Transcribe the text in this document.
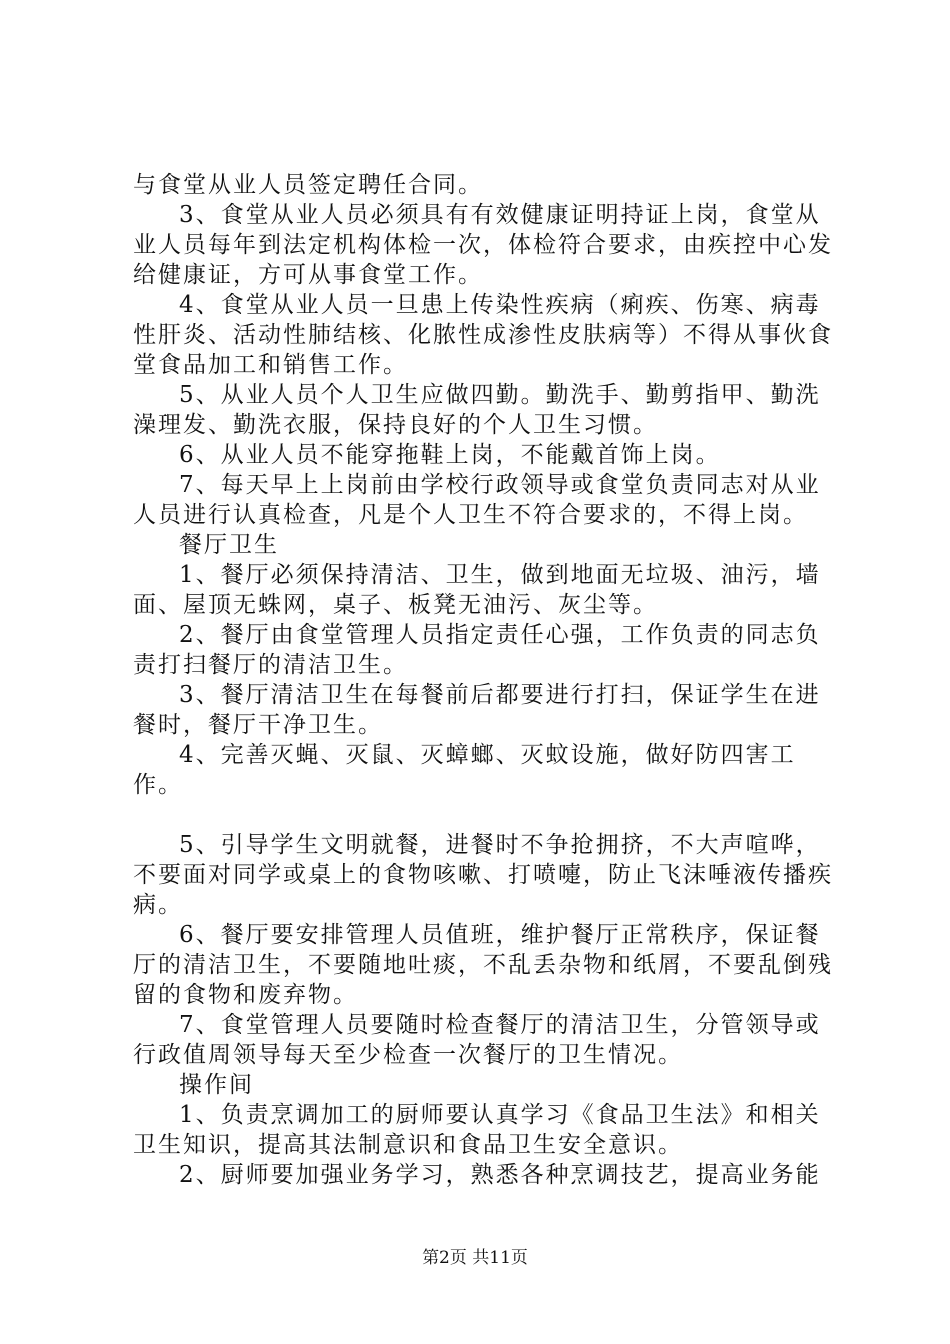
与食堂从业人员签定聘任合同。

3、食堂从业人员必须具有有效健康证明持证上岗，食堂从业人员每年到法定机构体检一次，体检符合要求，由疾控中心发给健康证，方可从事食堂工作。

4、食堂从业人员一旦患上传染性疾病（痢疾、伤寒、病毒性肝炎、活动性肺结核、化脓性成渗性皮肤病等）不得从事伙食堂食品加工和销售工作。

5、从业人员个人卫生应做四勤。勤洗手、勤剪指甲、勤洗澡理发、勤洗衣服，保持良好的个人卫生习惯。

6、从业人员不能穿拖鞋上岗，不能戴首饰上岗。

7、每天早上上岗前由学校行政领导或食堂负责同志对从业人员进行认真检查，凡是个人卫生不符合要求的，不得上岗。

餐厅卫生

1、餐厅必须保持清洁、卫生，做到地面无垃圾、油污，墙面、屋顶无蛛网，桌子、板凳无油污、灰尘等。

2、餐厅由食堂管理人员指定责任心强，工作负责的同志负责打扫餐厅的清洁卫生。

3、餐厅清洁卫生在每餐前后都要进行打扫，保证学生在进餐时，餐厅干净卫生。

4、完善灭蝇、灭鼠、灭蟑螂、灭蚊设施，做好防四害工作。

5、引导学生文明就餐，进餐时不争抢拥挤，不大声喧哗，不要面对同学或桌上的食物咳嗽、打喷嚏，防止飞沫唾液传播疾病。

6、餐厅要安排管理人员值班，维护餐厅正常秩序，保证餐厅的清洁卫生，不要随地吐痰，不乱丢杂物和纸屑，不要乱倒残留的食物和废弃物。

7、食堂管理人员要随时检查餐厅的清洁卫生，分管领导或行政值周领导每天至少检查一次餐厅的卫生情况。

操作间

1、负责烹调加工的厨师要认真学习《食品卫生法》和相关卫生知识，提高其法制意识和食品卫生安全意识。

2、厨师要加强业务学习，熟悉各种烹调技艺，提高业务能

第2页 共11页
